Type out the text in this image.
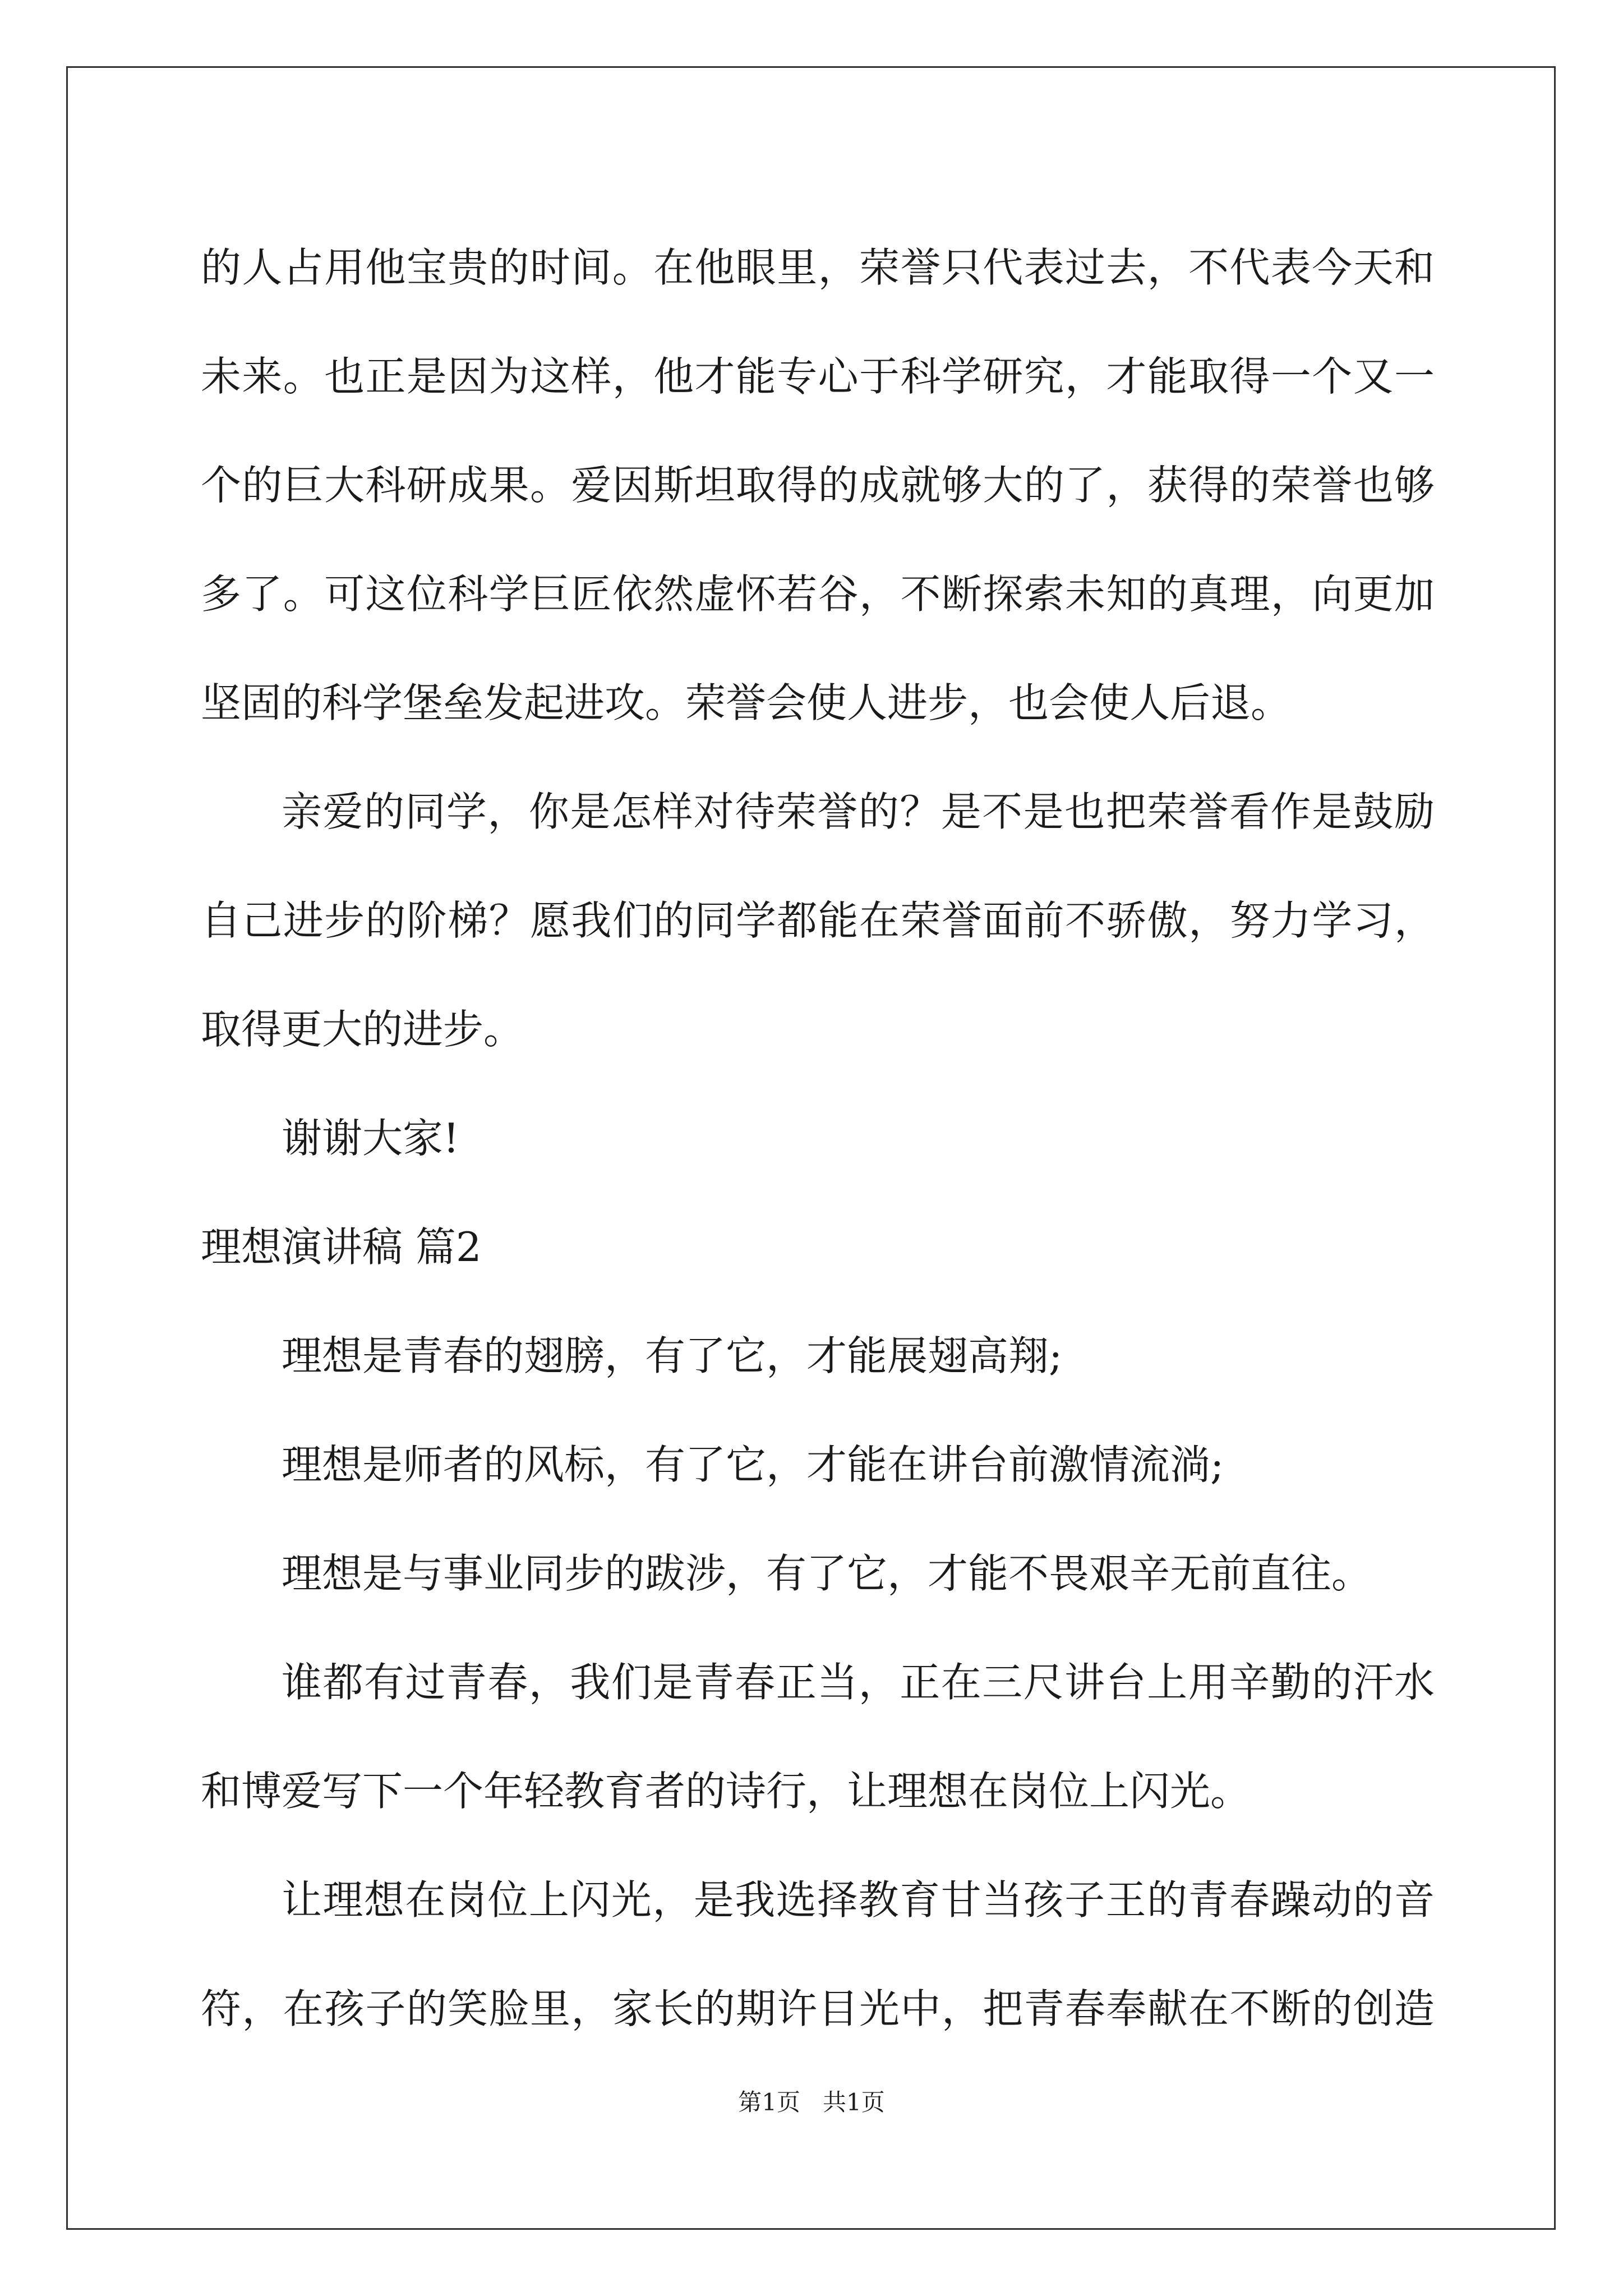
的人占用他宝贵的时间。在他眼里，荣誉只代表过去，不代表今天和
未来。也正是因为这样，他才能专心于科学研究，才能取得一个又一
个的巨大科研成果。爱因斯坦取得的成就够大的了，获得的荣誉也够
多了。可这位科学巨匠依然虚怀若谷，不断探索未知的真理，向更加
坚固的科学堡垒发起进攻。荣誉会使人进步，也会使人后退。
亲爱的同学，你是怎样对待荣誉的？是不是也把荣誉看作是鼓励
自己进步的阶梯？愿我们的同学都能在荣誉面前不骄傲，努力学习，
取得更大的进步。
谢谢大家!
理想演讲稿 篇2
理想是青春的翅膀，有了它，才能展翅高翔;
理想是师者的风标，有了它，才能在讲台前激情流淌;
理想是与事业同步的跋涉，有了它，才能不畏艰辛无前直往。
谁都有过青春，我们是青春正当，正在三尺讲台上用辛勤的汗水
和博爱写下一个年轻教育者的诗行，让理想在岗位上闪光。
让理想在岗位上闪光，是我选择教育甘当孩子王的青春躁动的音
符，在孩子的笑脸里，家长的期许目光中，把青春奉献在不断的创造
第1页 共1页
